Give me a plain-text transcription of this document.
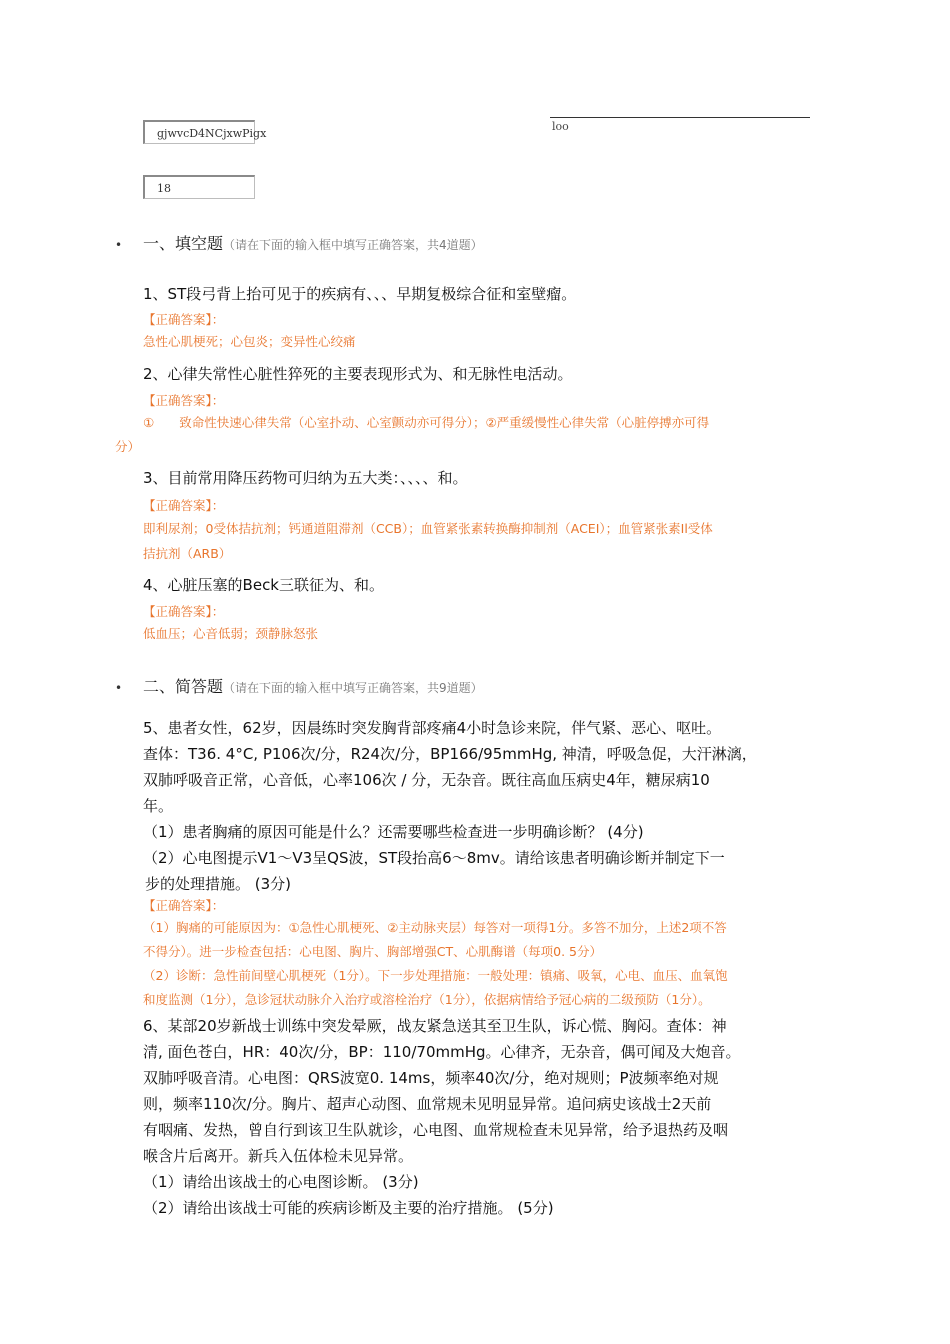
gjwvcD4NCjxwPigx
18
loo
• 一、填空题（请在下面的输入框中填写正确答案，共4道题）
1、ST段弓背上抬可见于的疾病有、、、早期复极综合征和室壁瘤。
【正确答案】：
急性心肌梗死；心包炎；变异性心绞痛
2、心律失常性心脏性猝死的主要表现形式为、和无脉性电活动。
【正确答案】：
①　　致命性快速心律失常（心室扑动、心室颤动亦可得分）；②严重缓慢性心律失常（心脏停搏亦可得
分）
3、目前常用降压药物可归纳为五大类：、、、、和。
【正确答案】：
即利尿剂；0受体拮抗剂；钙通道阻滞剂（CCB）；血管紧张素转换酶抑制剂（ACEI）；血管紧张素Il受体
拮抗剂（ARB）
4、心脏压塞的Beck三联征为、和。
【正确答案】：
低血压；心音低弱；颈静脉怒张
• 二、简答题（请在下面的输入框中填写正确答案，共9道题）
5、患者女性，62岁，因晨练时突发胸背部疼痛4小时急诊来院，伴气紧、恶心、呕吐。
查体：T36. 4°C, P106次/分，R24次/分，BP166/95mmHg, 神清，呼吸急促，大汗淋漓，
双肺呼吸音正常，心音低，心率106次 / 分，无杂音。既往高血压病史4年，糖尿病10
年。
（1）患者胸痛的原因可能是什么？还需要哪些检查进一步明确诊断？ (4分)
（2）心电图提示V1〜V3呈QS波，ST段抬高6〜8mv。请给该患者明确诊断并制定下一
步的处理措施。 (3分)
【正确答案】：
（1）胸痛的可能原因为：①急性心肌梗死、②主动脉夹层）每答对一项得1分。多答不加分，上述2项不答
不得分）。进一步检查包括：心电图、胸片、胸部增强CT、心肌酶谱（每项0. 5分）
（2）诊断：急性前间壁心肌梗死（1分）。下一步处理措施：一般处理：镇痛、吸氧，心电、血压、血氧饱
和度监测（1分），急诊冠状动脉介入治疗或溶栓治疗（1分），依据病情给予冠心病的二级预防（1分）。
6、某部20岁新战士训练中突发晕厥，战友紧急送其至卫生队，诉心慌、胸闷。查体：神
清, 面色苍白，HR：40次/分，BP：110/70mmHg。心律齐，无杂音，偶可闻及大炮音。
双肺呼吸音清。心电图：QRS波宽0. 14ms，频率40次/分，绝对规则；P波频率绝对规
则，频率110次/分。胸片、超声心动图、血常规未见明显异常。追问病史该战士2天前
有咽痛、发热，曾自行到该卫生队就诊，心电图、血常规检查未见异常，给予退热药及咽
喉含片后离开。新兵入伍体检未见异常。
（1）请给出该战士的心电图诊断。 (3分)
（2）请给出该战士可能的疾病诊断及主要的治疗措施。 (5分)
